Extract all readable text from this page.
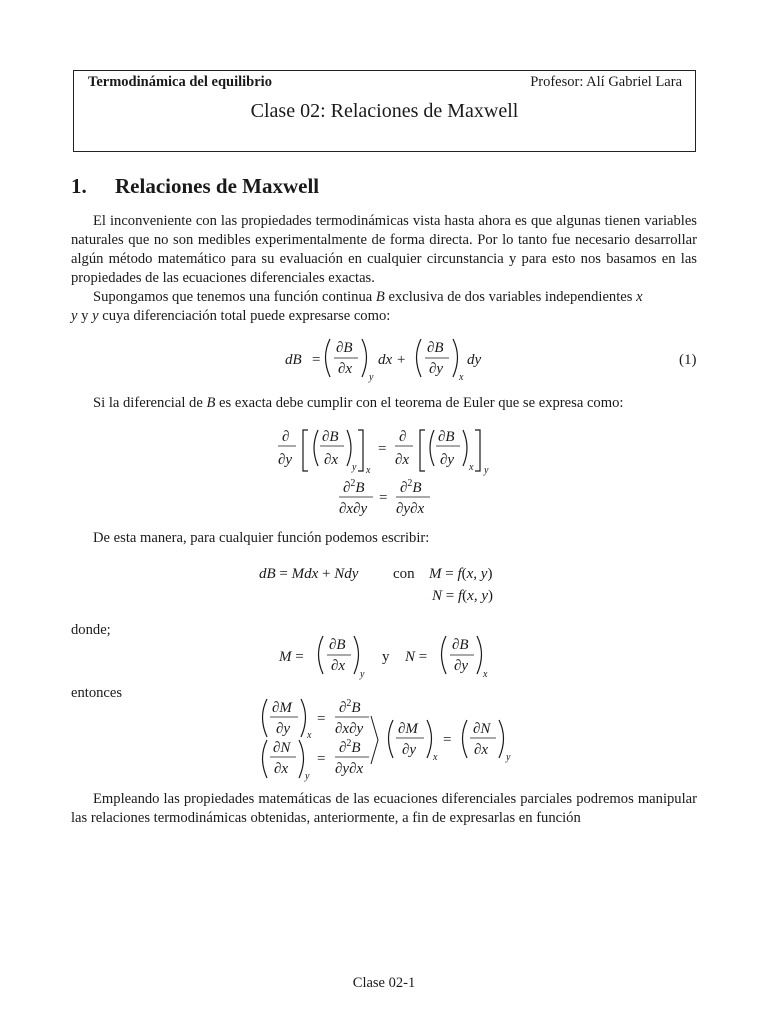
Termodinámica del equilibrio	Profesor: Alí Gabriel Lara
Clase 02: Relaciones de Maxwell
1. Relaciones de Maxwell
El inconveniente con las propiedades termodinámicas vista hasta ahora es que algunas tienen variables naturales que no son medibles experimentalmente de forma directa. Por lo tanto fue necesario desarrollar algún método matemático para su evaluación en cualquier circunstancia y para esto nos basamos en las propiedades de las ecuaciones diferenciales exactas.
Supongamos que tenemos una función continua B exclusiva de dos variables independientes x
y y y cuya diferenciación total puede expresarse como:
Si la diferencial de B es exacta debe cumplir con el teorema de Euler que se expresa como:
De esta manera, para cualquier función podemos escribir:
donde;
entonces
Empleando las propiedades matemáticas de las ecuaciones diferenciales parciales podremos manipular las relaciones termodinámicas obtenidas, anteriormente, a fin de expresarlas en función
Clase 02-1
dB =
∂B
∂x
y
dx +
∂B
∂y
x
dy	(1)
∂
∂y
∂B
∂x y x
=
∂
∂x
∂B
∂y x y
∂$^2$B
∂x∂y
=
∂$^2$B
∂y∂x
dB = Mdx + Ndy con M = f(x, y)
N = f(x, y)
M =
∂B
∂x
y
y N =
∂B
∂y
x
∂M
∂y x
=
∂$^2$B
∂x∂y
∂N
∂x y
=
∂$^2$B
∂y∂x
∂M
∂y x
=
∂N
∂x y
